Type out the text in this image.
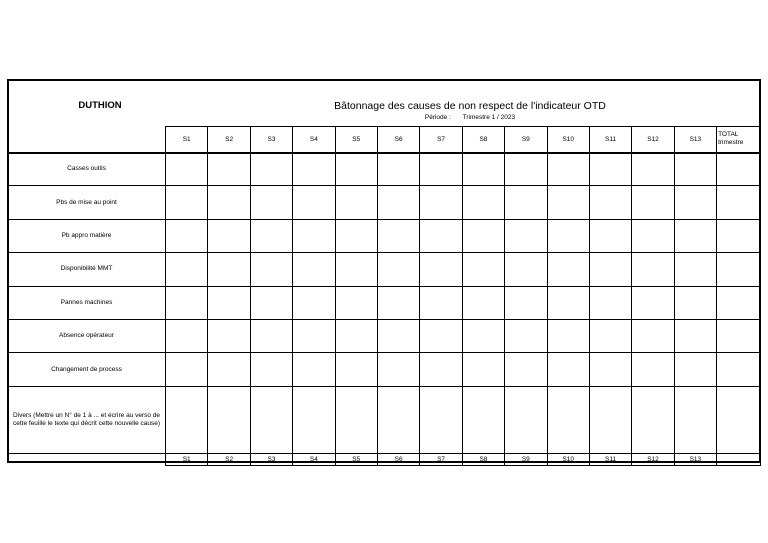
DUTHION	Bâtonnage des causes de non respect de l'indicateur OTD
Période : Trimestre 1 / 2023
	S1	S2	S3	S4	S5	S6	S7	S8	S9	S10	S11	S12	S13	TOTAL trimestre
Casses outils														
Pbs de mise au point														
Pb appro matière														
Disponibilité MMT														
Pannes machines														
Absence opérateur														
Changement de process														
Divers (Mettre un N° de 1 à ... et écrire au verso de cette feuille le texte qui décrit cette nouvelle cause)														
	S1	S2	S3	S4	S5	S6	S7	S8	S9	S10	S11	S12	S13	
